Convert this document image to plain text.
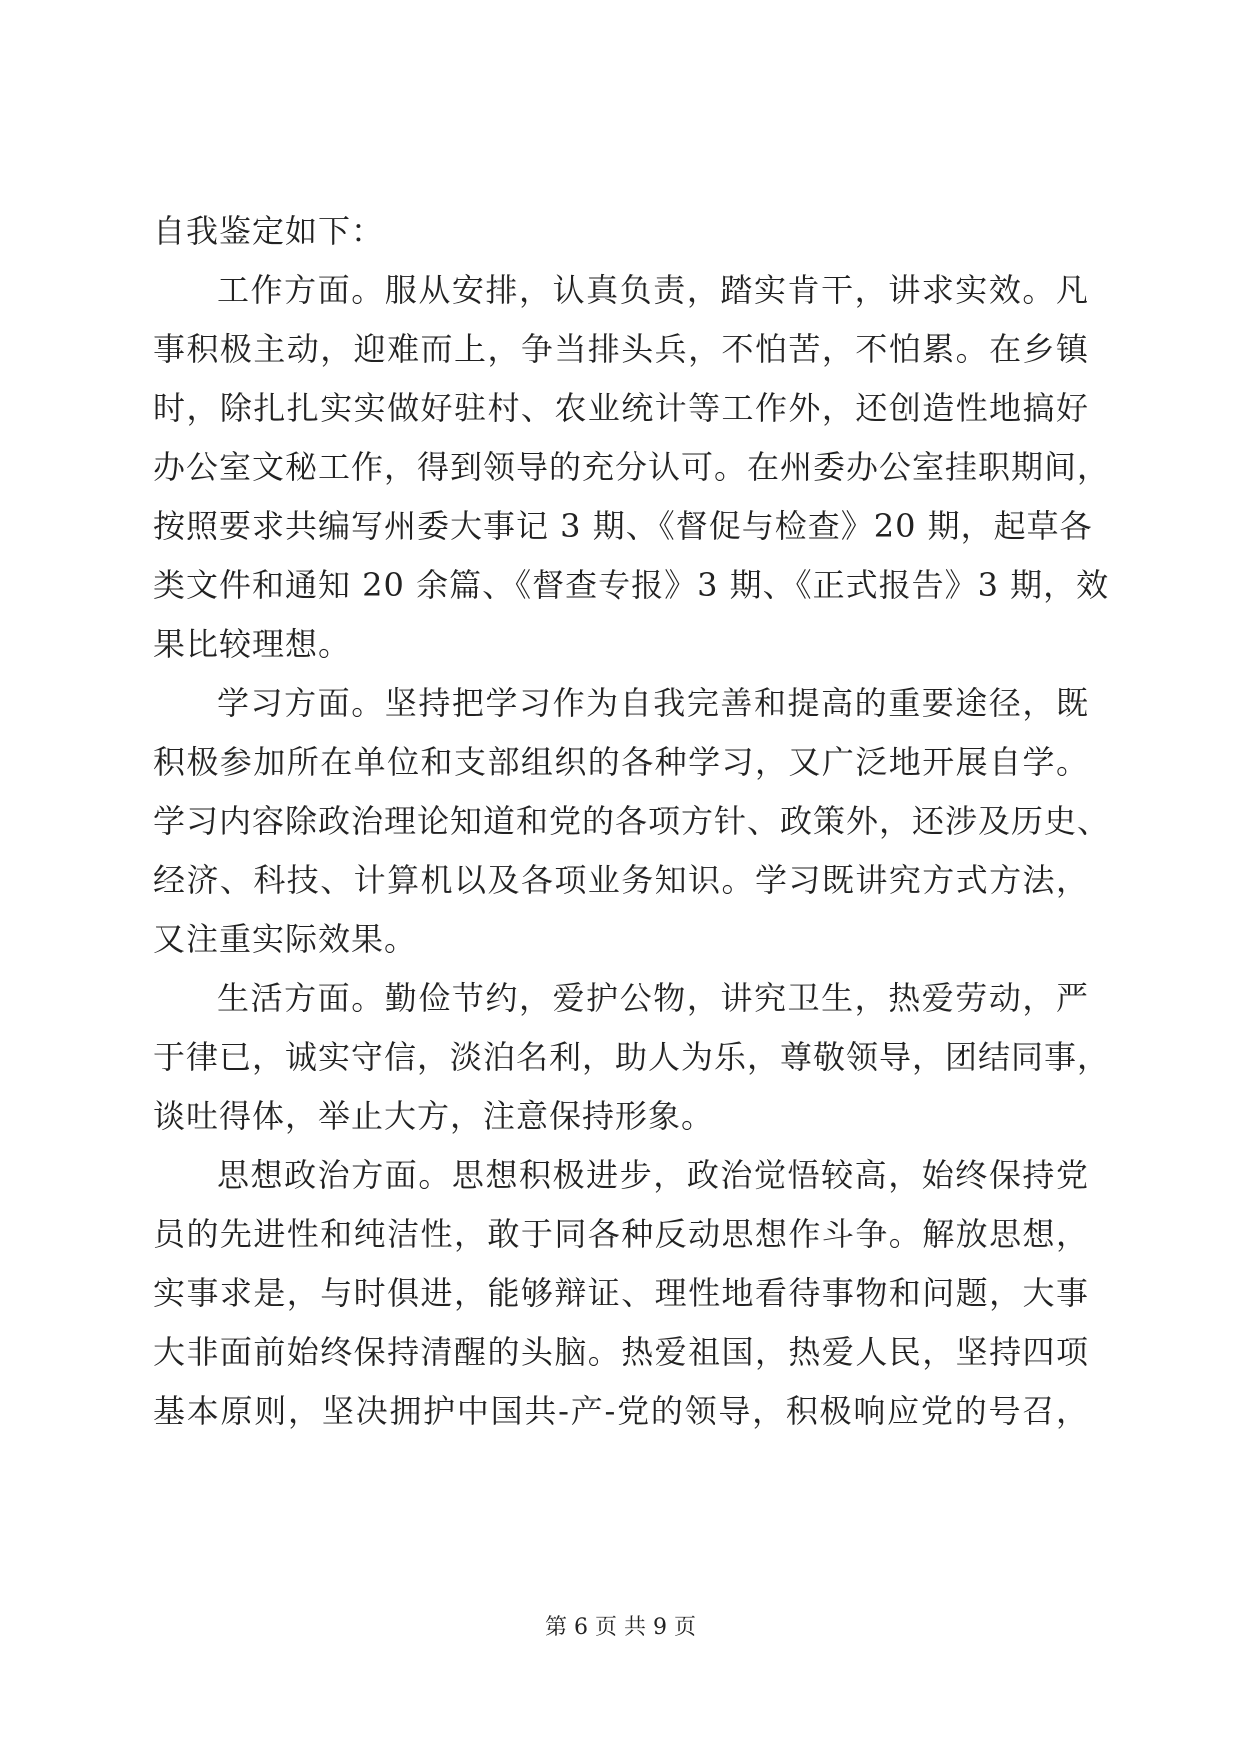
自我鉴定如下：
工作方面。服从安排，认真负责，踏实肯干，讲求实效。凡
事积极主动，迎难而上，争当排头兵，不怕苦，不怕累。在乡镇
时，除扎扎实实做好驻村、农业统计等工作外，还创造性地搞好
办公室文秘工作，得到领导的充分认可。在州委办公室挂职期间，
按照要求共编写州委大事记 3 期、《督促与检查》20 期，起草各
类文件和通知 20 余篇、《督查专报》3 期、《正式报告》3 期，效
果比较理想。
学习方面。坚持把学习作为自我完善和提高的重要途径，既
积极参加所在单位和支部组织的各种学习，又广泛地开展自学。
学习内容除政治理论知道和党的各项方针、政策外，还涉及历史、
经济、科技、计算机以及各项业务知识。学习既讲究方式方法，
又注重实际效果。
生活方面。勤俭节约，爱护公物，讲究卫生，热爱劳动，严
于律已，诚实守信，淡泊名利，助人为乐，尊敬领导，团结同事，
谈吐得体，举止大方，注意保持形象。
思想政治方面。思想积极进步，政治觉悟较高，始终保持党
员的先进性和纯洁性，敢于同各种反动思想作斗争。解放思想，
实事求是，与时俱进，能够辩证、理性地看待事物和问题，大事
大非面前始终保持清醒的头脑。热爱祖国，热爱人民，坚持四项
基本原则，坚决拥护中国共-产-党的领导，积极响应党的号召，
第 6 页 共 9 页
